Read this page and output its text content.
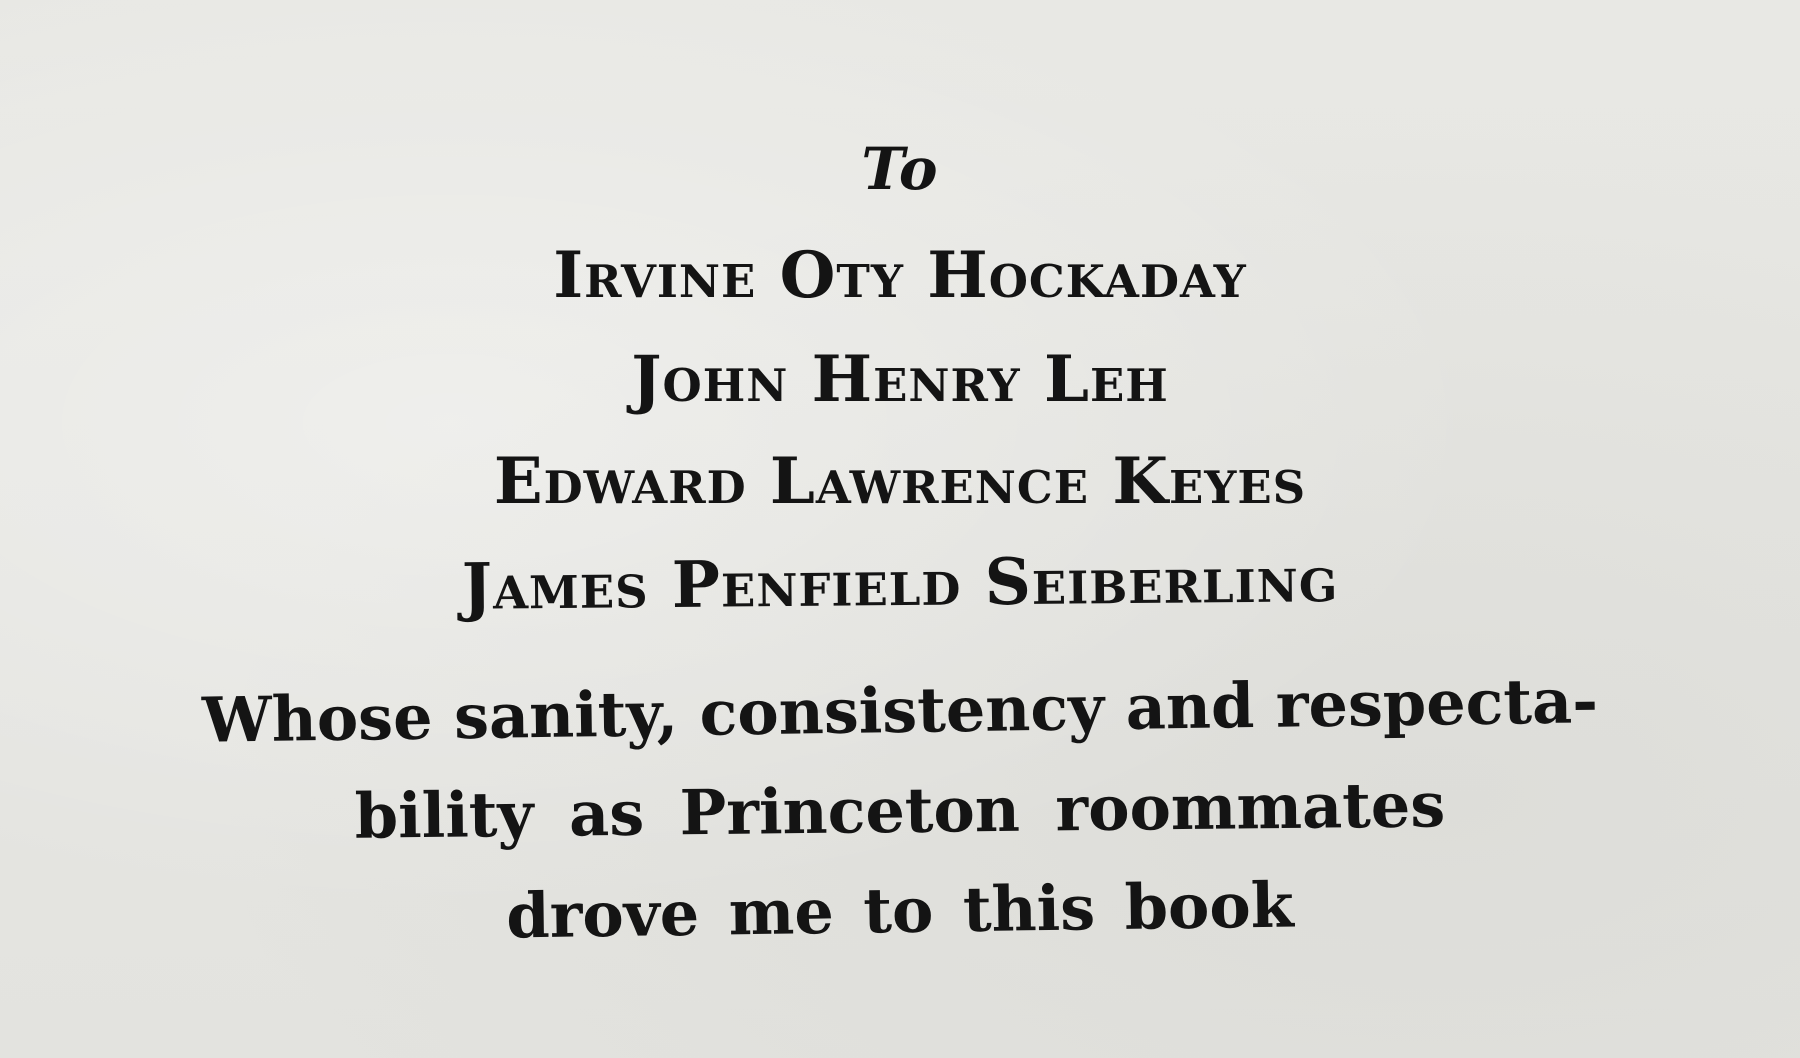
To

Irvine Oty Hockaday

John Henry Leh

Edward Lawrence Keyes

James Penfield Seiberling

Whose sanity, consistency and respecta-

bility as Princeton roommates

drove me to this book
